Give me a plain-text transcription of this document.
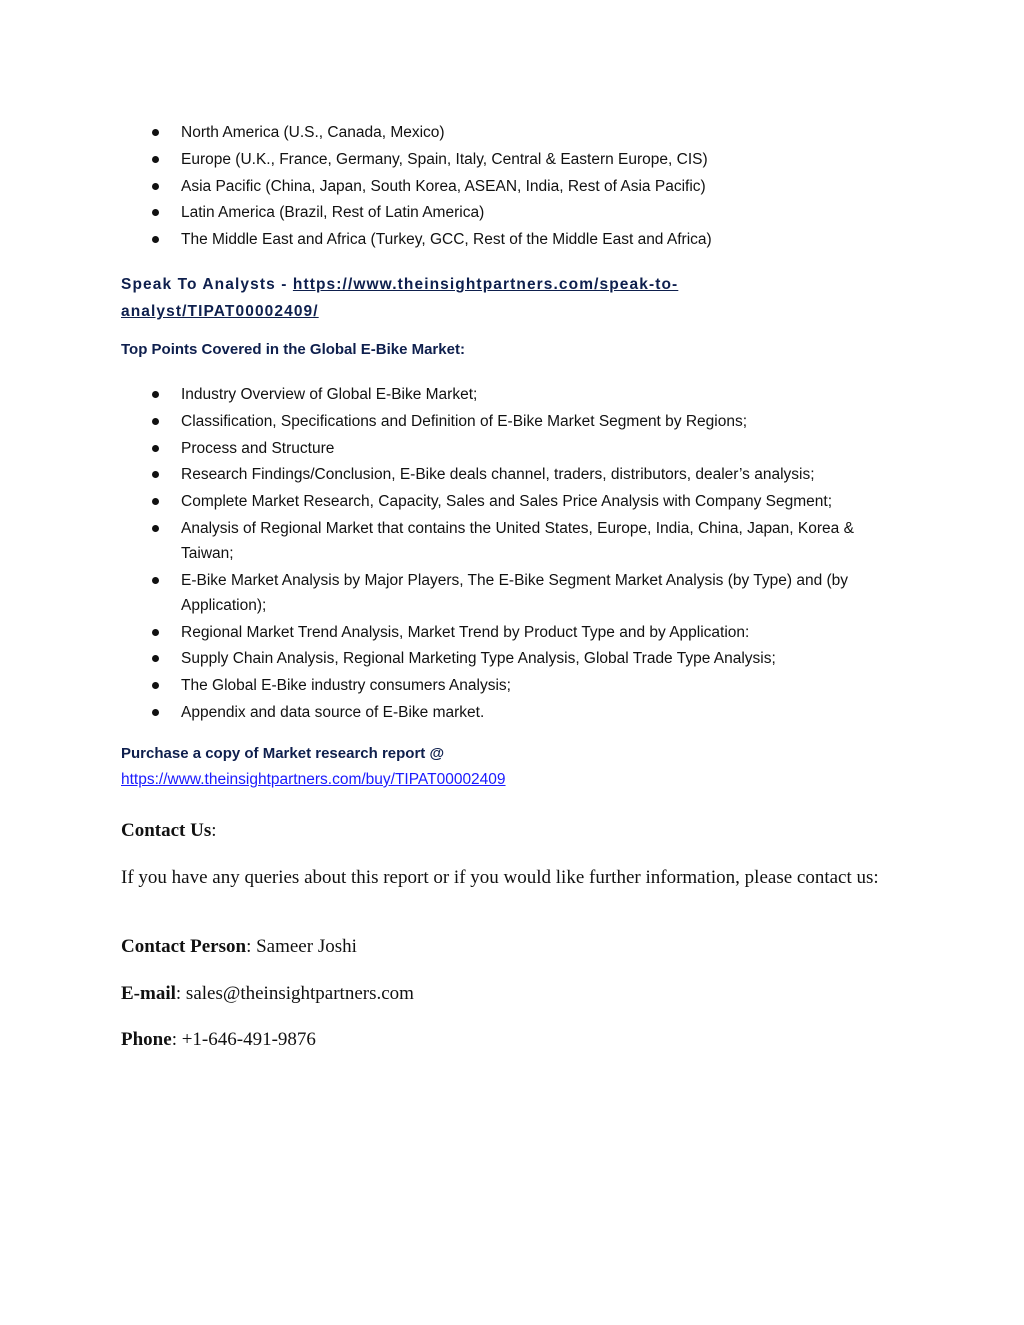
North America (U.S., Canada, Mexico)
Europe (U.K., France, Germany, Spain, Italy, Central & Eastern Europe, CIS)
Asia Pacific (China, Japan, South Korea, ASEAN, India, Rest of Asia Pacific)
Latin America (Brazil, Rest of Latin America)
The Middle East and Africa (Turkey, GCC, Rest of the Middle East and Africa)
Speak To Analysts - https://www.theinsightpartners.com/speak-to-analyst/TIPAT00002409/

Top Points Covered in the Global E-Bike Market:

Industry Overview of Global E-Bike Market;
Classification, Specifications and Definition of E-Bike Market Segment by Regions;
Process and Structure
Research Findings/Conclusion, E-Bike deals channel, traders, distributors, dealer’s analysis;
Complete Market Research, Capacity, Sales and Sales Price Analysis with Company Segment;
Analysis of Regional Market that contains the United States, Europe, India, China, Japan, Korea & Taiwan;
E-Bike Market Analysis by Major Players, The E-Bike Segment Market Analysis (by Type) and (by Application);
Regional Market Trend Analysis, Market Trend by Product Type and by Application:
Supply Chain Analysis, Regional Marketing Type Analysis, Global Trade Type Analysis;
The Global E-Bike industry consumers Analysis;
Appendix and data source of E-Bike market.

Purchase a copy of Market research report @

https://www.theinsightpartners.com/buy/TIPAT00002409
Contact Us:
If you have any queries about this report or if you would like further information, please contact us:
Contact Person: Sameer Joshi
E-mail: sales@theinsightpartners.com
Phone: +1-646-491-9876
